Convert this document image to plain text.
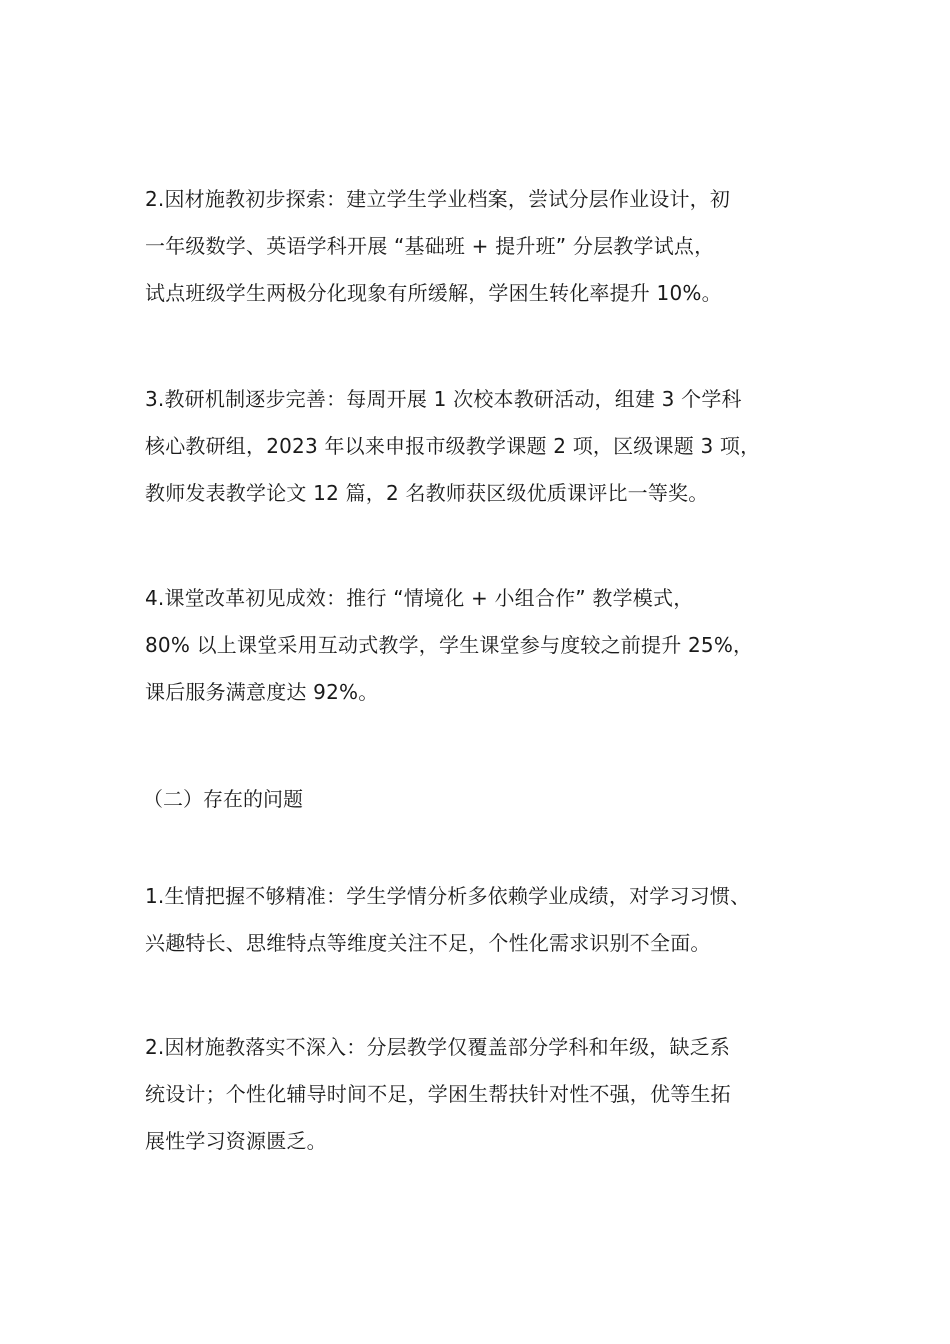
2.因材施教初步探索：建立学生学业档案，尝试分层作业设计，初
一年级数学、英语学科开展 “基础班 + 提升班” 分层教学试点，
试点班级学生两极分化现象有所缓解，学困生转化率提升 10%。
3.教研机制逐步完善：每周开展 1 次校本教研活动，组建 3 个学科
核心教研组，2023 年以来申报市级教学课题 2 项，区级课题 3 项，
教师发表教学论文 12 篇，2 名教师获区级优质课评比一等奖。
4.课堂改革初见成效：推行 “情境化 + 小组合作” 教学模式，
80% 以上课堂采用互动式教学，学生课堂参与度较之前提升 25%，
课后服务满意度达 92%。
（二）存在的问题
1.生情把握不够精准：学生学情分析多依赖学业成绩，对学习习惯、
兴趣特长、思维特点等维度关注不足，个性化需求识别不全面。
2.因材施教落实不深入：分层教学仅覆盖部分学科和年级，缺乏系
统设计；个性化辅导时间不足，学困生帮扶针对性不强，优等生拓
展性学习资源匮乏。
